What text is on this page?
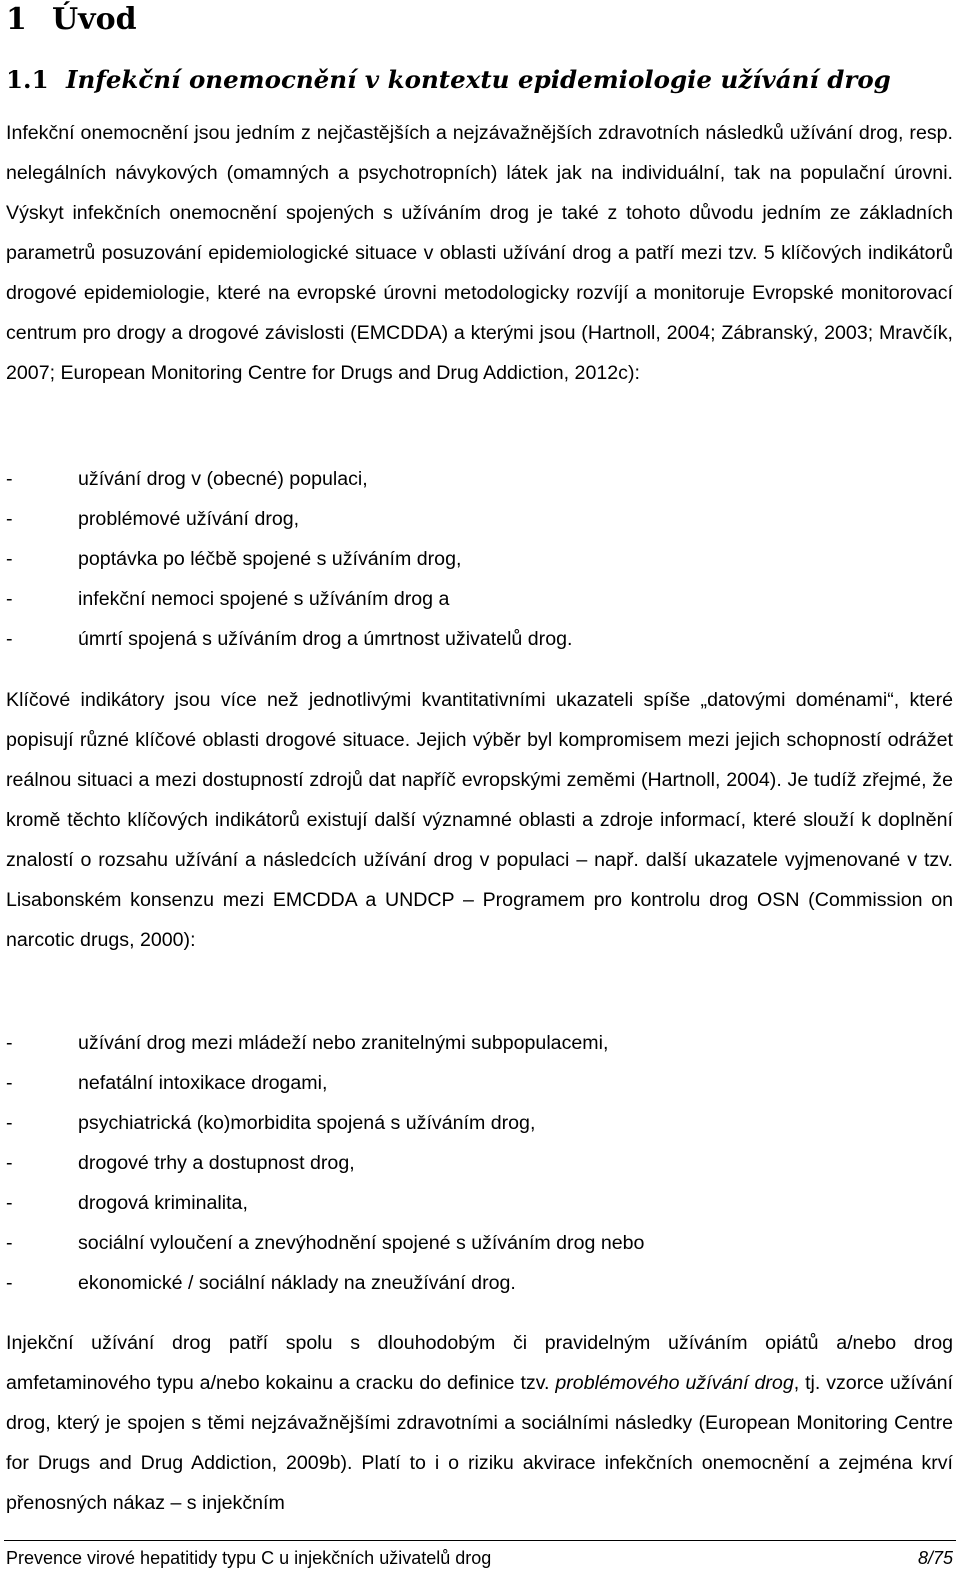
1 Úvod
1.1 Infekční onemocnění v kontextu epidemiologie užívání drog

Infekční onemocnění jsou jedním z nejčastějších a nejzávažnějších zdravotních následků užívání drog, resp. nelegálních návykových (omamných a psychotropních) látek jak na individuální, tak na populační úrovni. Výskyt infekčních onemocnění spojených s užíváním drog je také z tohoto důvodu jedním ze základních parametrů posuzování epidemiologické situace v oblasti užívání drog a patří mezi tzv. 5 klíčových indikátorů drogové epidemiologie, které na evropské úrovni metodologicky rozvíjí a monitoruje Evropské monitorovací centrum pro drogy a drogové závislosti (EMCDDA) a kterými jsou (Hartnoll, 2004; Zábranský, 2003; Mravčík, 2007; European Monitoring Centre for Drugs and Drug Addiction, 2012c):

-	užívání drog v (obecné) populaci,
-	problémové užívání drog,
-	poptávka po léčbě spojené s užíváním drog,
-	infekční nemoci spojené s užíváním drog a
-	úmrtí spojená s užíváním drog a úmrtnost uživatelů drog.

Klíčové indikátory jsou více než jednotlivými kvantitativními ukazateli spíše „datovými doménami“, které popisují různé klíčové oblasti drogové situace. Jejich výběr byl kompromisem mezi jejich schopností odrážet reálnou situaci a mezi dostupností zdrojů dat napříč evropskými zeměmi (Hartnoll, 2004). Je tudíž zřejmé, že kromě těchto klíčových indikátorů existují další významné oblasti a zdroje informací, které slouží k doplnění znalostí o rozsahu užívání a následcích užívání drog v populaci – např. další ukazatele vyjmenované v tzv. Lisabonském konsenzu mezi EMCDDA a UNDCP – Programem pro kontrolu drog OSN (Commission on narcotic drugs, 2000):

-	užívání drog mezi mládeží nebo zranitelnými subpopulacemi,
-	nefatální intoxikace drogami,
-	psychiatrická (ko)morbidita spojená s užíváním drog,
-	drogové trhy a dostupnost drog,
-	drogová kriminalita,
-	sociální vyloučení a znevýhodnění spojené s užíváním drog nebo
-	ekonomické / sociální náklady na zneužívání drog.

Injekční užívání drog patří spolu s dlouhodobým či pravidelným užíváním opiátů a/nebo drog amfetaminového typu a/nebo kokainu a cracku do definice tzv. problémového užívání drog, tj. vzorce užívání drog, který je spojen s těmi nejzávažnějšími zdravotními a sociálními následky (European Monitoring Centre for Drugs and Drug Addiction, 2009b). Platí to i o riziku akvirace infekčních onemocnění a zejména krví přenosných nákaz – s injekčním

Prevence virové hepatitidy typu C u injekčních uživatelů drog	8/75
